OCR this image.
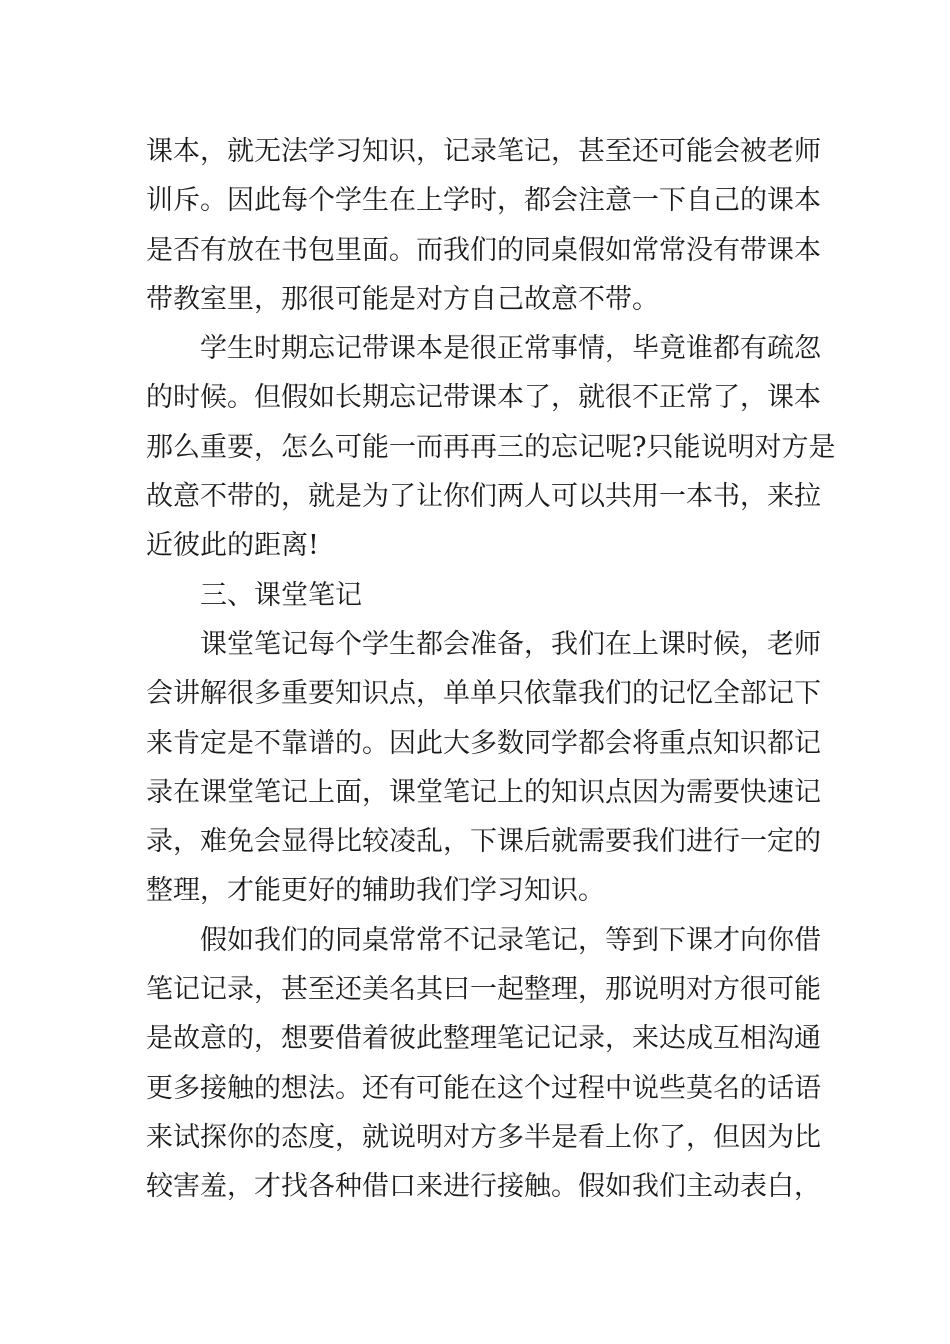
课本，就无法学习知识，记录笔记，甚至还可能会被老师
训斥。因此每个学生在上学时，都会注意一下自己的课本
是否有放在书包里面。而我们的同桌假如常常没有带课本
带教室里，那很可能是对方自己故意不带。
学生时期忘记带课本是很正常事情，毕竟谁都有疏忽
的时候。但假如长期忘记带课本了，就很不正常了，课本
那么重要，怎么可能一而再再三的忘记呢?只能说明对方是
故意不带的，就是为了让你们两人可以共用一本书，来拉
近彼此的距离!
三、课堂笔记
课堂笔记每个学生都会准备，我们在上课时候，老师
会讲解很多重要知识点，单单只依靠我们的记忆全部记下
来肯定是不靠谱的。因此大多数同学都会将重点知识都记
录在课堂笔记上面，课堂笔记上的知识点因为需要快速记
录，难免会显得比较凌乱，下课后就需要我们进行一定的
整理，才能更好的辅助我们学习知识。
假如我们的同桌常常不记录笔记，等到下课才向你借
笔记记录，甚至还美名其曰一起整理，那说明对方很可能
是故意的，想要借着彼此整理笔记记录，来达成互相沟通
更多接触的想法。还有可能在这个过程中说些莫名的话语
来试探你的态度，就说明对方多半是看上你了，但因为比
较害羞，才找各种借口来进行接触。假如我们主动表白，
